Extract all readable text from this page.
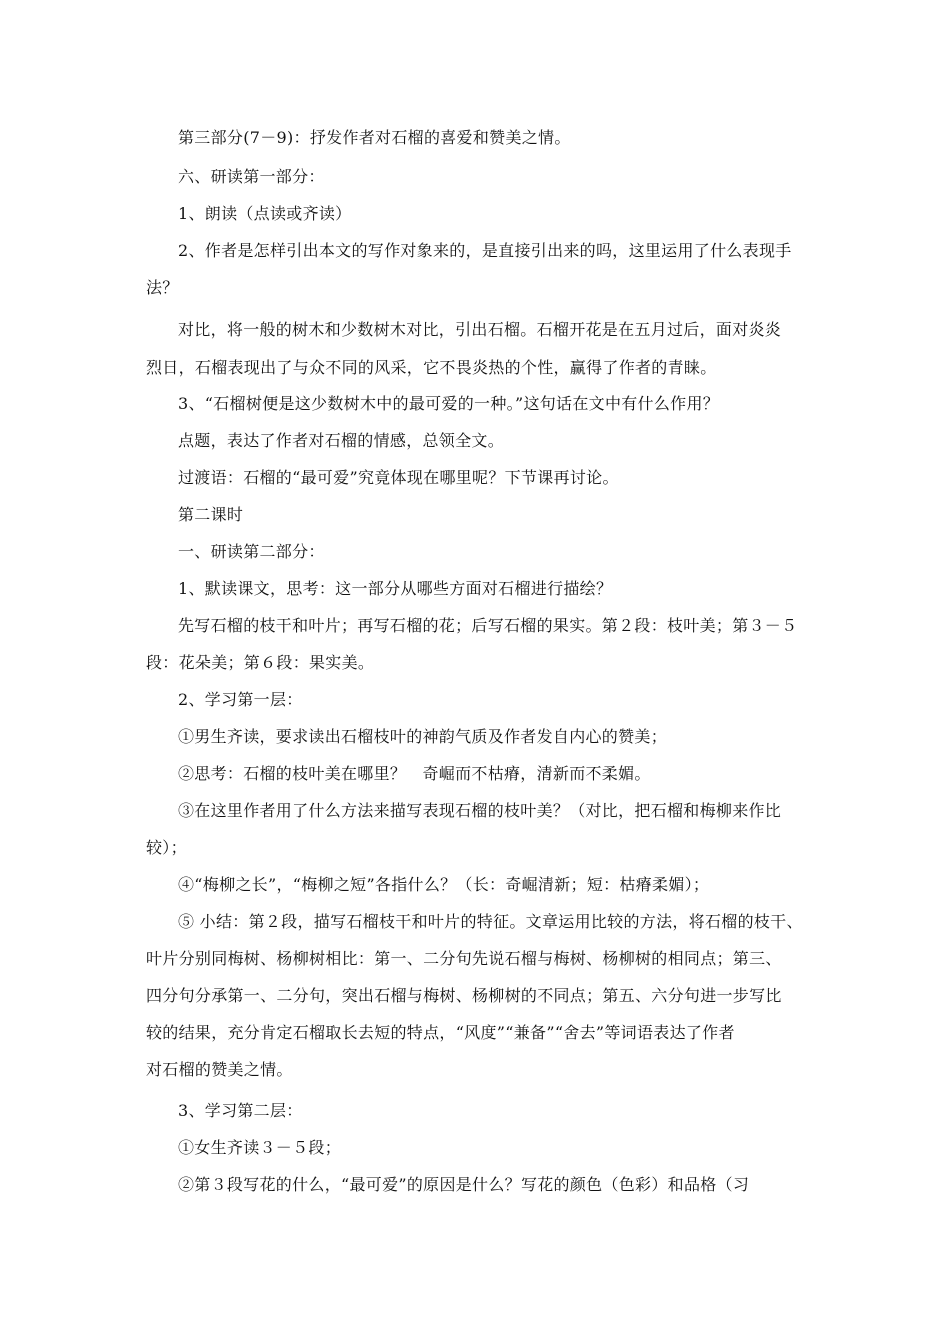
第三部分(7－9)：抒发作者对石榴的喜爱和赞美之情。
六、研读第一部分：
1、朗读（点读或齐读）
2、作者是怎样引出本文的写作对象来的，是直接引出来的吗，这里运用了什么表现手
法？
对比，将一般的树木和少数树木对比，引出石榴。石榴开花是在五月过后，面对炎炎
烈日，石榴表现出了与众不同的风采，它不畏炎热的个性，赢得了作者的青睐。
3、“石榴树便是这少数树木中的最可爱的一种。”这句话在文中有什么作用？
点题，表达了作者对石榴的情感，总领全文。
过渡语：石榴的“最可爱”究竟体现在哪里呢？下节课再讨论。
第二课时
一、研读第二部分：
1、默读课文，思考：这一部分从哪些方面对石榴进行描绘？
先写石榴的枝干和叶片；再写石榴的花；后写石榴的果实。第２段：枝叶美；第３－５
段：花朵美；第６段：果实美。
2、学习第一层：
①男生齐读，要求读出石榴枝叶的神韵气质及作者发自内心的赞美；
②思考：石榴的枝叶美在哪里？　奇崛而不枯瘠，清新而不柔媚。
③在这里作者用了什么方法来描写表现石榴的枝叶美？（对比，把石榴和梅柳来作比
较）；
④“梅柳之长”，“梅柳之短”各指什么？（长：奇崛清新；短：枯瘠柔媚）；
⑤ 小结：第２段，描写石榴枝干和叶片的特征。文章运用比较的方法，将石榴的枝干、
叶片分别同梅树、杨柳树相比：第一、二分句先说石榴与梅树、杨柳树的相同点；第三、
四分句分承第一、二分句，突出石榴与梅树、杨柳树的不同点；第五、六分句进一步写比
较的结果，充分肯定石榴取长去短的特点，“风度”“兼备”“舍去”等词语表达了作者
对石榴的赞美之情。
3、学习第二层：
①女生齐读３－５段；
②第３段写花的什么，“最可爱”的原因是什么？写花的颜色（色彩）和品格（习
